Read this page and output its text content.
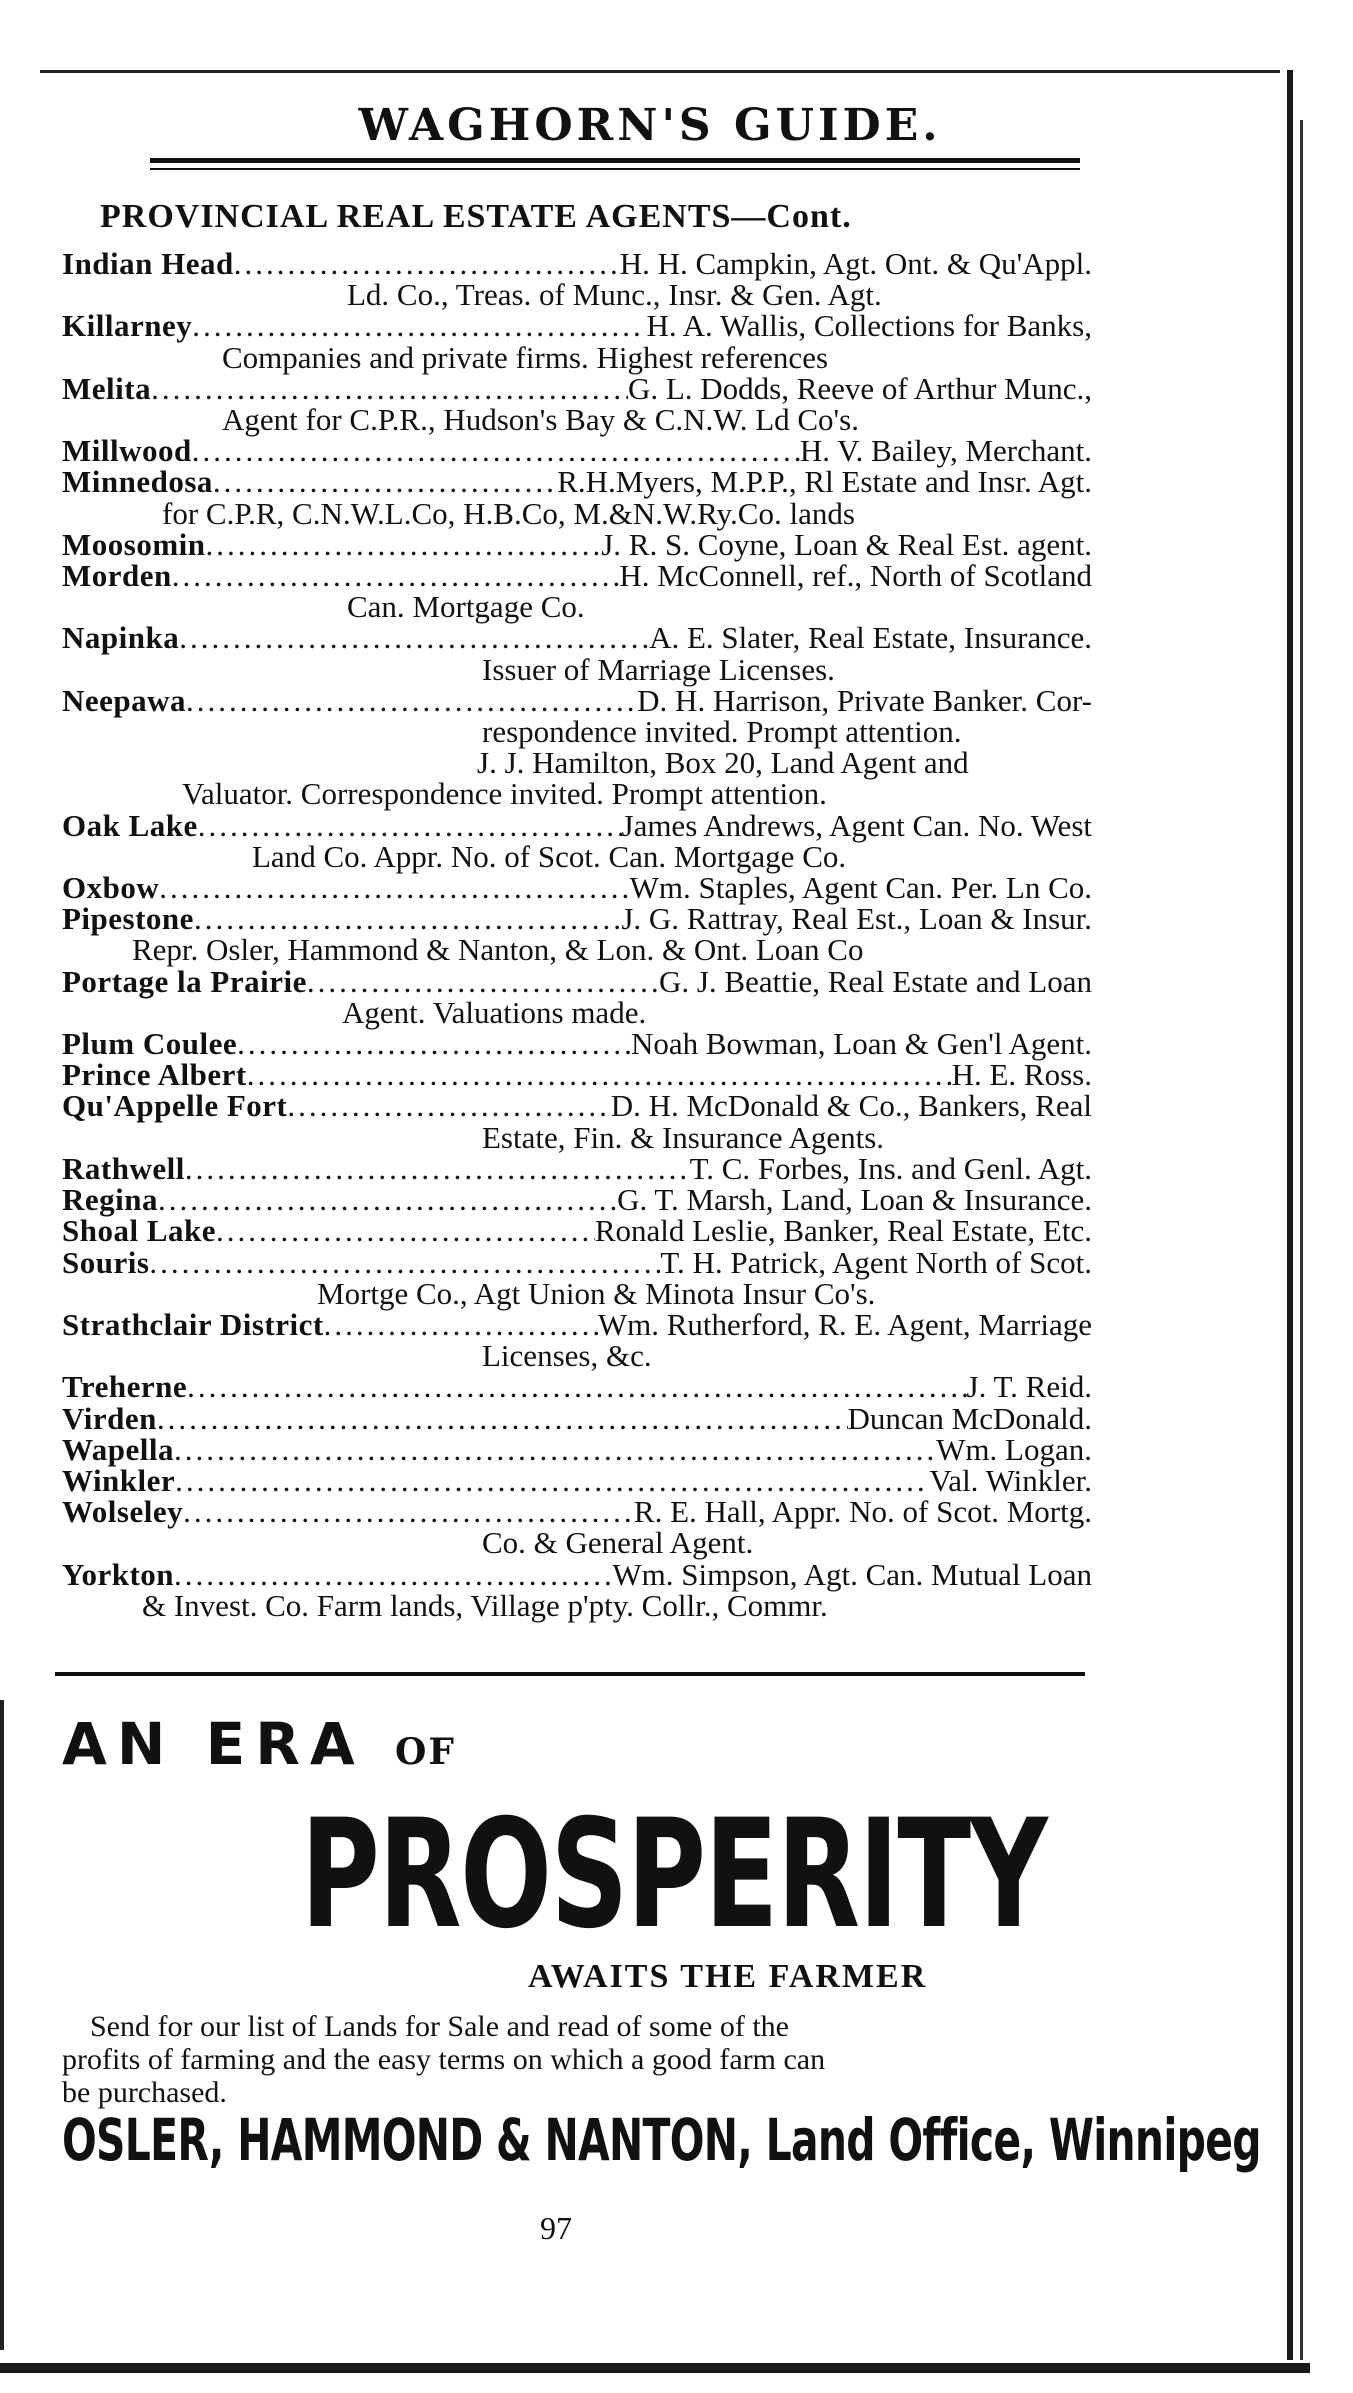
WAGHORN'S GUIDE.
PROVINCIAL REAL ESTATE AGENTS—Cont.
Indian Head .....	H. H. Campkin, Agt. Ont. & Qu'Appl.
Ld. Co., Treas. of Munc., Insr. & Gen. Agt.
Killarney .....	H. A. Wallis, Collections for Banks,
Companies and private firms. Highest references
Melita .....	G. L. Dodds, Reeve of Arthur Munc.,
Agent for C.P.R., Hudson's Bay & C.N.W. Ld Co's.
Millwood .....	H. V. Bailey, Merchant.
Minnedosa .....	R.H.Myers, M.P.P., Rl Estate and Insr. Agt.
for C.P.R, C.N.W.L.Co, H.B.Co, M.&N.W.Ry.Co. lands
Moosomin .....	J. R. S. Coyne, Loan & Real Est. agent.
Morden .....	H. McConnell, ref., North of Scotland
Can. Mortgage Co.
Napinka .....	A. E. Slater, Real Estate, Insurance.
Issuer of Marriage Licenses.
Neepawa .....	D. H. Harrison, Private Banker. Cor-
respondence invited. Prompt attention.
J. J. Hamilton, Box 20, Land Agent and
Valuator. Correspondence invited. Prompt attention.
Oak Lake .....	James Andrews, Agent Can. No. West
Land Co. Appr. No. of Scot. Can. Mortgage Co.
Oxbow .....	Wm. Staples, Agent Can. Per. Ln Co.
Pipestone .....	J. G. Rattray, Real Est., Loan & Insur.
Repr. Osler, Hammond & Nanton, & Lon. & Ont. Loan Co
Portage la Prairie .....	G. J. Beattie, Real Estate and Loan
Agent. Valuations made.
Plum Coulee .....	Noah Bowman, Loan & Gen'l Agent.
Prince Albert .....	H. E. Ross.
Qu'Appelle Fort .....	D. H. McDonald & Co., Bankers, Real
Estate, Fin. & Insurance Agents.
Rathwell .....	T. C. Forbes, Ins. and Genl. Agt.
Regina .....	G. T. Marsh, Land, Loan & Insurance.
Shoal Lake .....	Ronald Leslie, Banker, Real Estate, Etc.
Souris .....	T. H. Patrick, Agent North of Scot.
Mortge Co., Agt Union & Minota Insur Co's.
Strathclair District .....	Wm. Rutherford, R. E. Agent, Marriage
Licenses, &c.
Treherne .....	J. T. Reid.
Virden .....	Duncan McDonald.
Wapella .....	Wm. Logan.
Winkler .....	Val. Winkler.
Wolseley .....	R. E. Hall, Appr. No. of Scot. Mortg.
Co. & General Agent.
Yorkton .....	Wm. Simpson, Agt. Can. Mutual Loan
& Invest. Co. Farm lands, Village p'pty. Collr., Commr.
AN ERA OF
PROSPERITY
AWAITS THE FARMER
Send for our list of Lands for Sale and read of some of the
profits of farming and the easy terms on which a good farm can
be purchased.
OSLER, HAMMOND & NANTON, Land Office, Winnipeg
97
